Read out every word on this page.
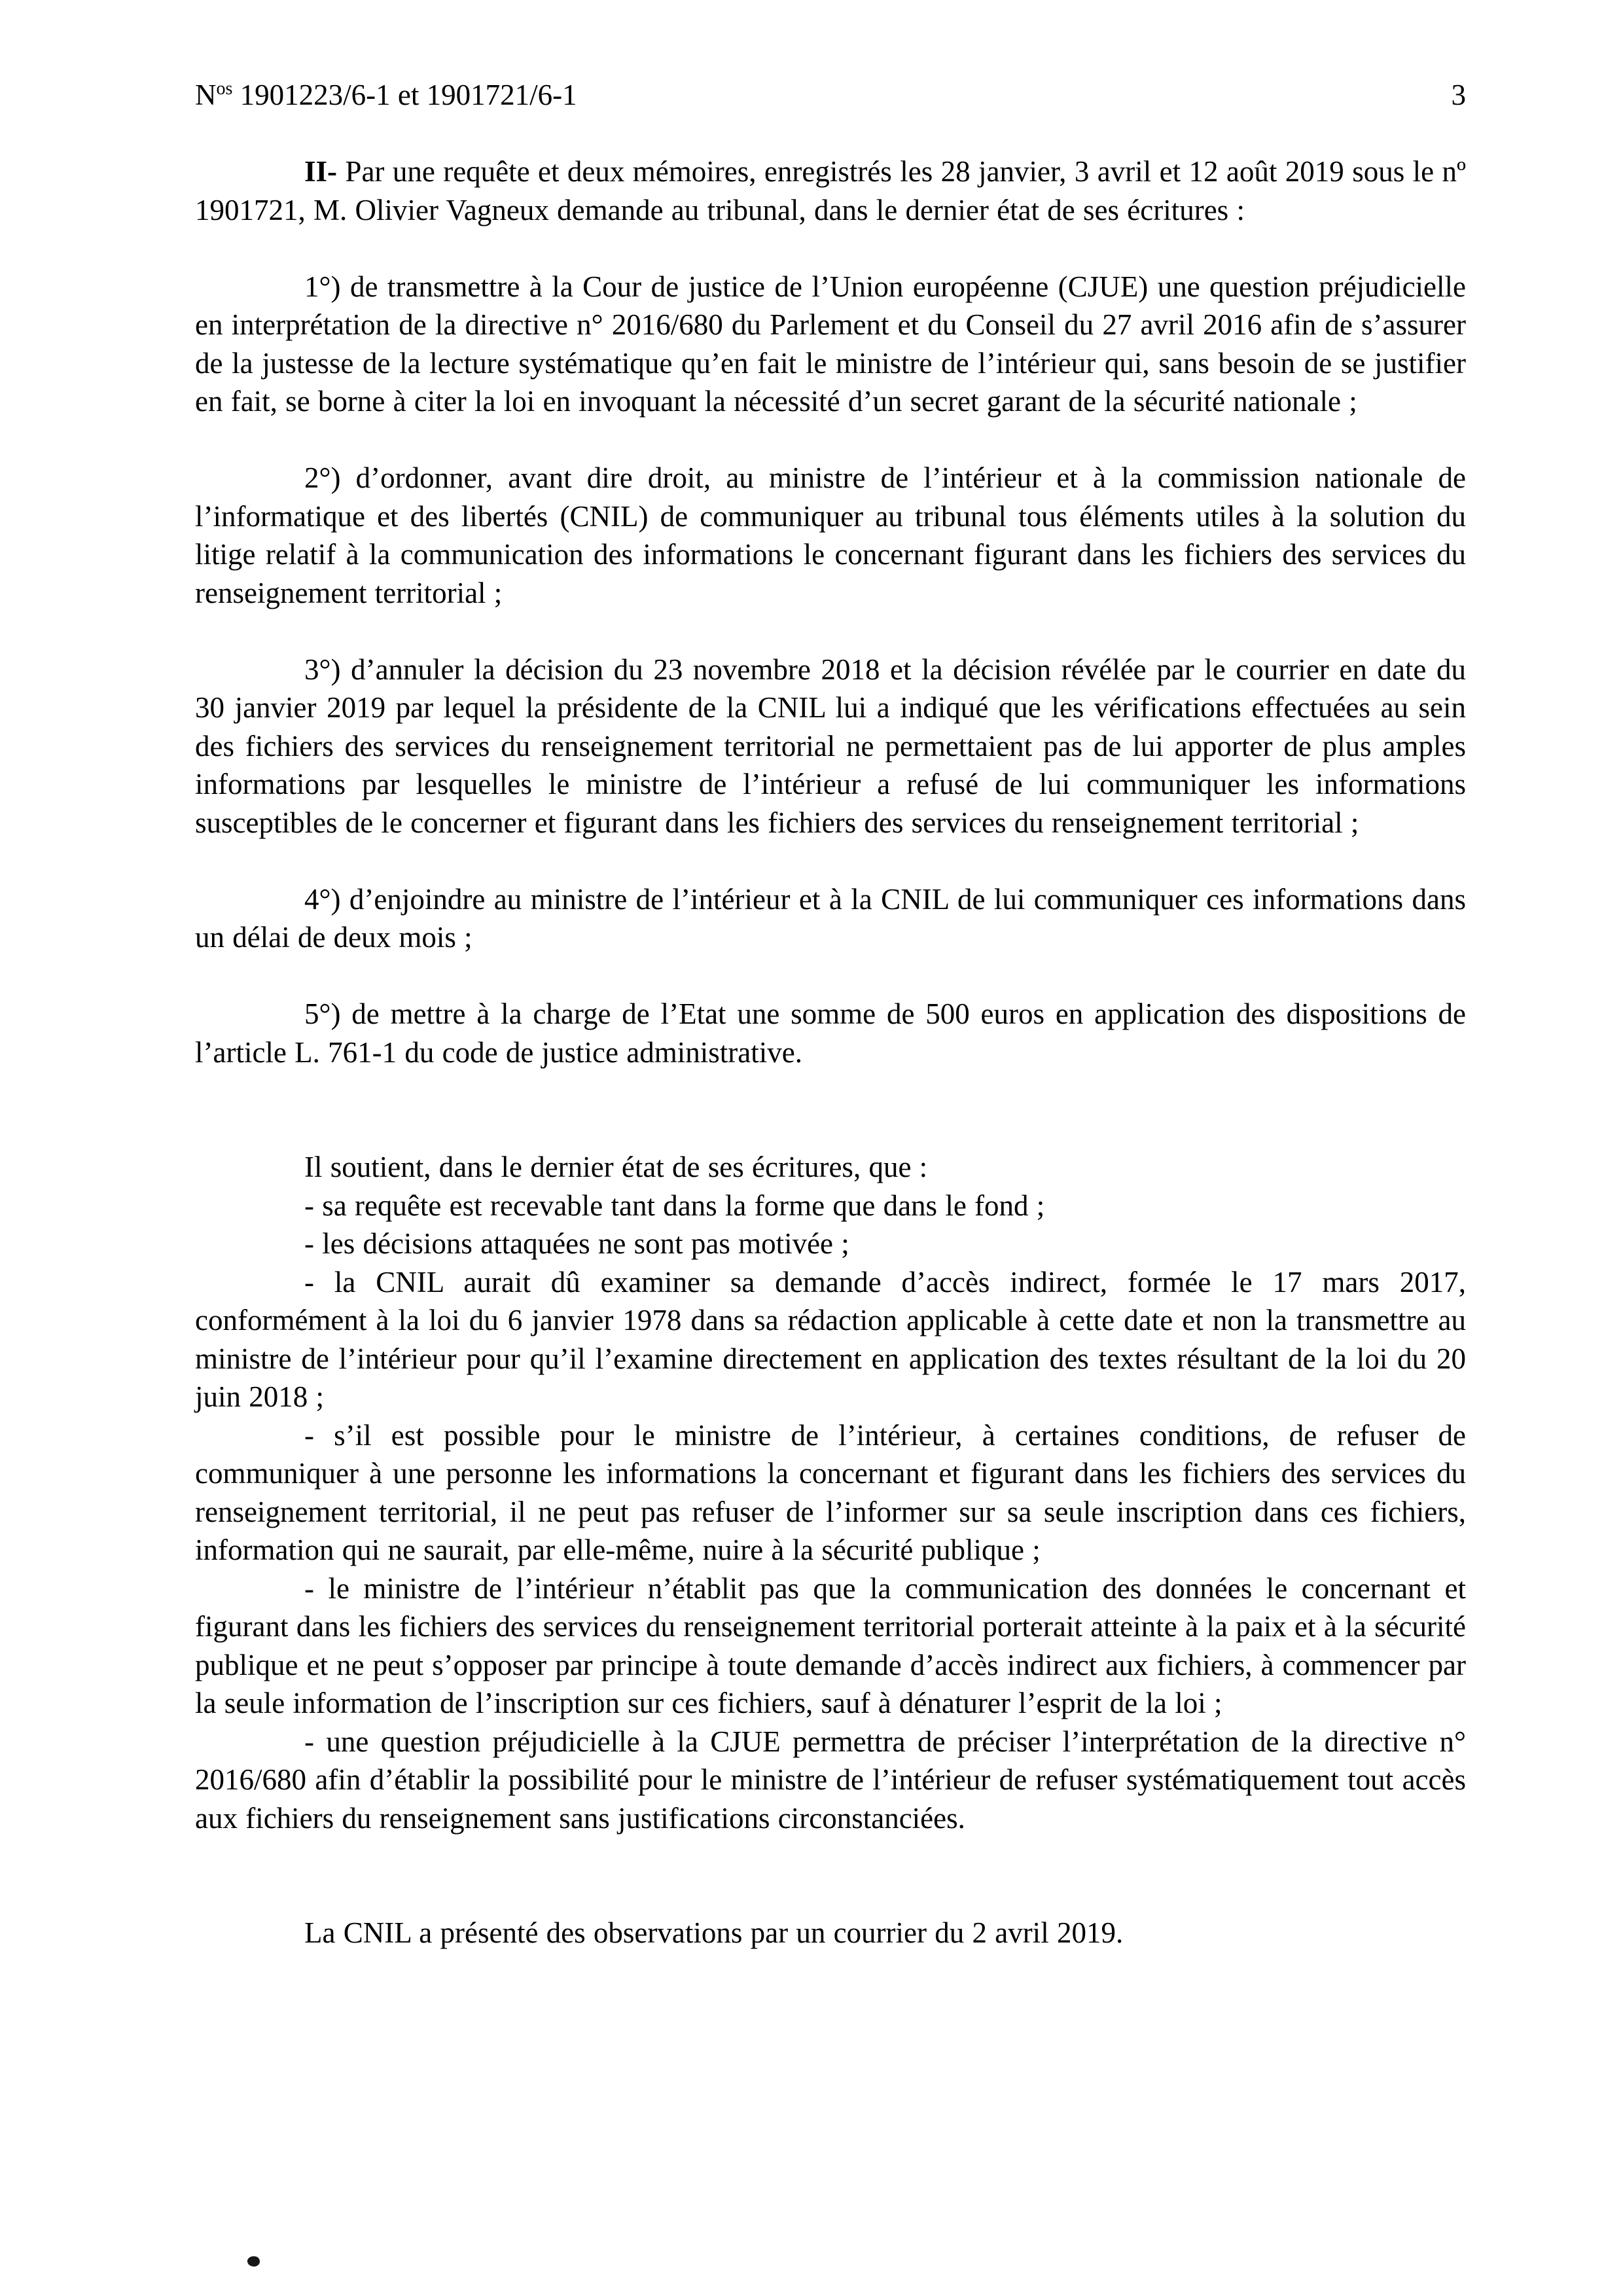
$N^{os}$ 1901223/6-1 et 1901721/6-1	3

II- Par une requête et deux mémoires, enregistrés les 28 janvier, 3 avril et 12 août 2019 sous le nº 1901721, M. Olivier Vagneux demande au tribunal, dans le dernier état de ses écritures :

1°) de transmettre à la Cour de justice de l’Union européenne (CJUE) une question préjudicielle en interprétation de la directive n° 2016/680 du Parlement et du Conseil du 27 avril 2016 afin de s’assurer de la justesse de la lecture systématique qu’en fait le ministre de l’intérieur qui, sans besoin de se justifier en fait, se borne à citer la loi en invoquant la nécessité d’un secret garant de la sécurité nationale ;

2°) d’ordonner, avant dire droit, au ministre de l’intérieur et à la commission nationale de l’informatique et des libertés (CNIL) de communiquer au tribunal tous éléments utiles à la solution du litige relatif à la communication des informations le concernant figurant dans les fichiers des services du renseignement territorial ;

3°) d’annuler la décision du 23 novembre 2018 et la décision révélée par le courrier en date du 30 janvier 2019 par lequel la présidente de la CNIL lui a indiqué que les vérifications effectuées au sein des fichiers des services du renseignement territorial ne permettaient pas de lui apporter de plus amples informations par lesquelles le ministre de l’intérieur a refusé de lui communiquer les informations susceptibles de le concerner et figurant dans les fichiers des services du renseignement territorial ;

4°) d’enjoindre au ministre de l’intérieur et à la CNIL de lui communiquer ces informations dans un délai de deux mois ;

5°) de mettre à la charge de l’Etat une somme de 500 euros en application des dispositions de l’article L. 761-1 du code de justice administrative.

Il soutient, dans le dernier état de ses écritures, que :

- sa requête est recevable tant dans la forme que dans le fond ;

- les décisions attaquées ne sont pas motivée ;

- la CNIL aurait dû examiner sa demande d’accès indirect, formée le 17 mars 2017, conformément à la loi du 6 janvier 1978 dans sa rédaction applicable à cette date et non la transmettre au ministre de l’intérieur pour qu’il l’examine directement en application des textes résultant de la loi du 20 juin 2018 ;

- s’il est possible pour le ministre de l’intérieur, à certaines conditions, de refuser de communiquer à une personne les informations la concernant et figurant dans les fichiers des services du renseignement territorial, il ne peut pas refuser de l’informer sur sa seule inscription dans ces fichiers, information qui ne saurait, par elle-même, nuire à la sécurité publique ;

- le ministre de l’intérieur n’établit pas que la communication des données le concernant et figurant dans les fichiers des services du renseignement territorial porterait atteinte à la paix et à la sécurité publique et ne peut s’opposer par principe à toute demande d’accès indirect aux fichiers, à commencer par la seule information de l’inscription sur ces fichiers, sauf à dénaturer l’esprit de la loi ;

- une question préjudicielle à la CJUE permettra de préciser l’interprétation de la directive n° 2016/680 afin d’établir la possibilité pour le ministre de l’intérieur de refuser systématiquement tout accès aux fichiers du renseignement sans justifications circonstanciées.

La CNIL a présenté des observations par un courrier du 2 avril 2019.
